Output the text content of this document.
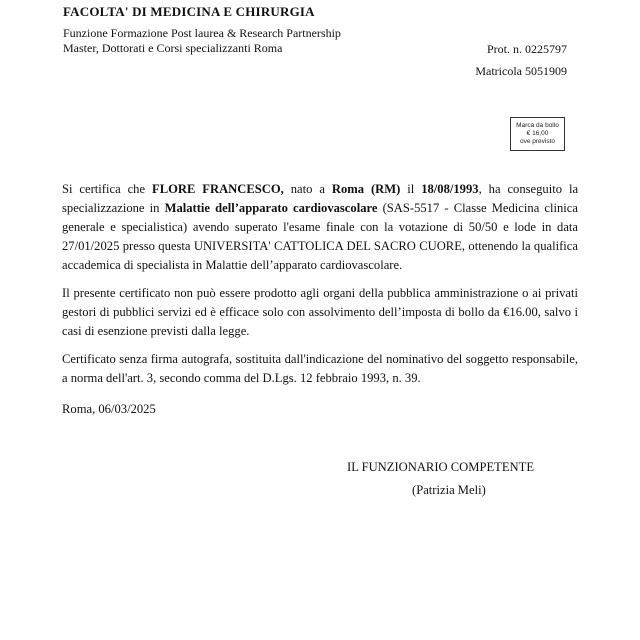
FACOLTA' DI MEDICINA E CHIRURGIA
Funzione Formazione Post laurea & Research Partnership
Master, Dottorati e Corsi specializzanti Roma	Prot. n. 0225797
Matricola 5051909
Marca da bollo
€ 16,00
ove previsto
Si certifica che FLORE FRANCESCO, nato a Roma (RM) il 18/08/1993, ha conseguito la specializzazione in Malattie dell’apparato cardiovascolare (SAS-5517 - Classe Medicina clinica generale e specialistica) avendo superato l'esame finale con la votazione di 50/50 e lode in data 27/01/2025 presso questa UNIVERSITA' CATTOLICA DEL SACRO CUORE, ottenendo la qualifica accademica di specialista in Malattie dell’apparato cardiovascolare.
Il presente certificato non può essere prodotto agli organi della pubblica amministrazione o ai privati gestori di pubblici servizi ed è efficace solo con assolvimento dell’imposta di bollo da €16.00, salvo i casi di esenzione previsti dalla legge.
Certificato senza firma autografa, sostituita dall'indicazione del nominativo del soggetto responsabile, a norma dell'art. 3, secondo comma del D.Lgs. 12 febbraio 1993, n. 39.
Roma, 06/03/2025
IL FUNZIONARIO COMPETENTE
(Patrizia Meli)
